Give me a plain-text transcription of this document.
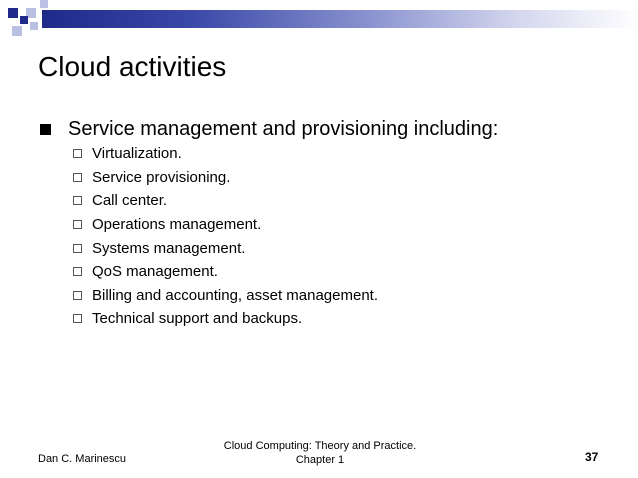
Cloud activities
Service management and provisioning including:
Virtualization.
Service provisioning.
Call center.
Operations management.
Systems management.
QoS management.
Billing and accounting, asset management.
Technical support and backups.
Dan C. Marinescu
Cloud Computing: Theory and Practice.
Chapter 1	37
